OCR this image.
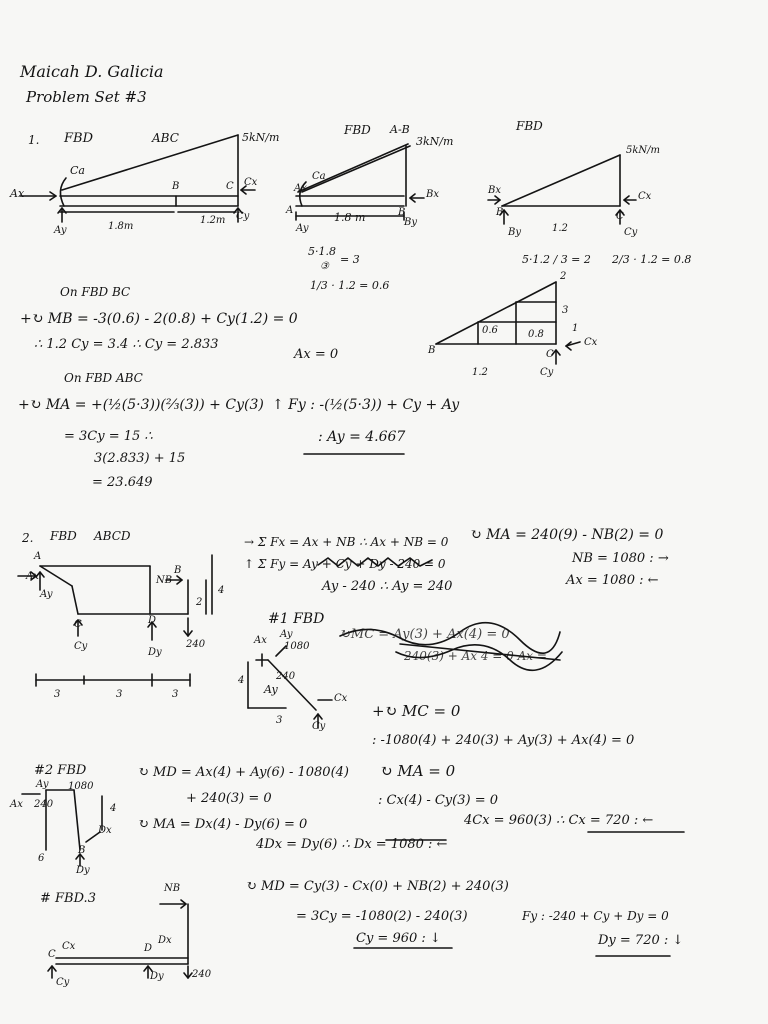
Maicah D. Galicia
Problem Set #3
1. FBD	ABC	5kN/m
Ca
Ax
B	C Cx
Ay
Cy
1.8m
1.2m
FBD A-B
3kN/m
Ax
Ca
Bx
A
1.8 m	B
Ay
By
5·1.8
③
= 3
1/3 · 1.2 = 0.6
FBD
5kN/m
Bx
Cx
B
1.2
C
By	Cy
5·1.2 / 3 = 2 2/3 · 1.2 = 0.8
B	C
Cx
Cy
0.6	0.8
1.2
2
3
1
On FBD BC
+↻ MB = -3(0.6) - 2(0.8) + Cy(1.2) = 0
∴ 1.2 Cy = 3.4 ∴ Cy = 2.833
Ax = 0
On FBD ABC
+↻ MA = +(½(5·3))(⅔(3)) + Cy(3) ↑ Fy : -(½(5·3)) + Cy + Ay
= 3Cy = 15 ∴	: Ay = 4.667
3(2.833) + 15
= 23.649
2. FBD ABCD
A
Ax
Ay
NB
B
C	D
Cy
Dy
240
2
4
3	3	3
→ Σ Fx = Ax + NB ∴ Ax + NB = 0
↑ Σ Fy = Ay + Cy + Dy - 240 = 0
Ay - 240 ∴ Ay = 240
↻ MA = 240(9) - NB(2) = 0
NB = 1080 : →
Ax = 1080 : ←
#1 FBD
↻MC = Ay(3) + Ax(4) = 0
240(3) + Ax 4 = 0 Ax =
Ax
Ay
1080
240
Ay
Cx
Cy
4
3
+↻ MC = 0
: -1080(4) + 240(3) + Ay(3) + Ax(4) = 0
↻ MA = 0
: Cx(4) - Cy(3) = 0
4Cx = 960(3) ∴ Cx = 720 : ←
#2 FBD
Ay 1080
Ax 240	4
Dx
6
B
Dy
↻ MD = Ax(4) + Ay(6) - 1080(4)
+ 240(3) = 0
↻ MA = Dx(4) - Dy(6) = 0
4Dx = Dy(6) ∴ Dx = 1080 : ←
# FBD.3
NB
C
Cx	D
Dx
Cy
Dy	240
↻ MD = Cy(3) - Cx(0) + NB(2) + 240(3)
= 3Cy = -1080(2) - 240(3)
Cy = 960 : ↓
Fy : -240 + Cy + Dy = 0
Dy = 720 : ↓
